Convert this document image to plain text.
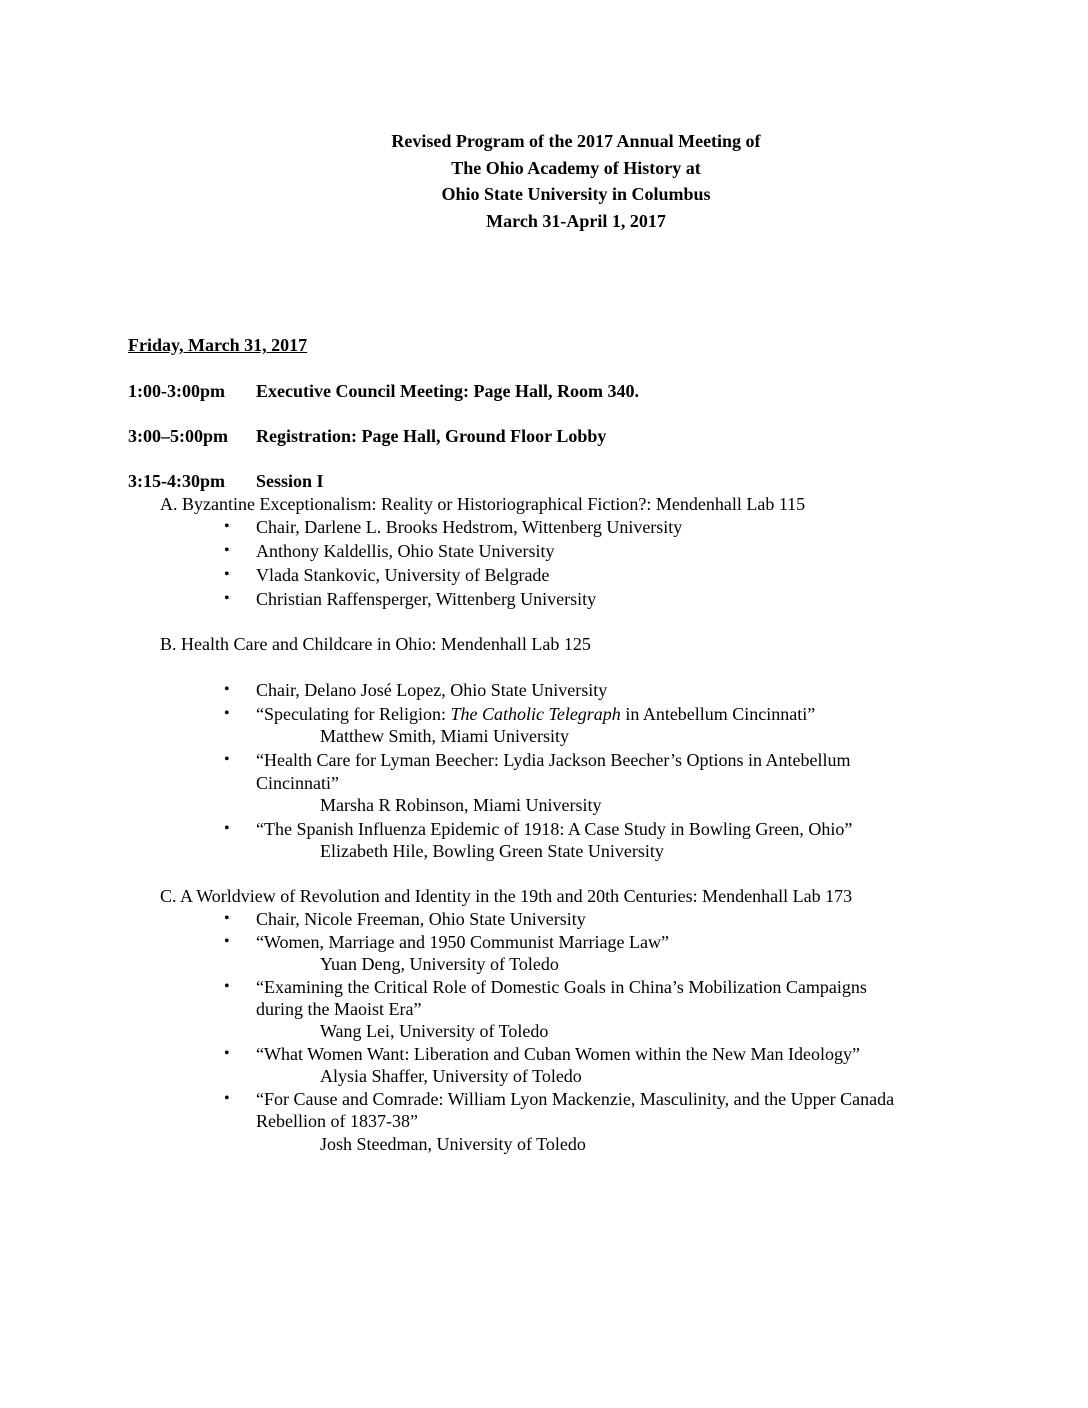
Revised Program of the 2017 Annual Meeting of
The Ohio Academy of History at
Ohio State University in Columbus
March 31-April 1, 2017
Friday, March 31, 2017
1:00-3:00pm Executive Council Meeting: Page Hall, Room 340.
3:00–5:00pm Registration: Page Hall, Ground Floor Lobby
3:15-4:30pm Session I
A. Byzantine Exceptionalism: Reality or Historiographical Fiction?: Mendenhall Lab 115
• Chair, Darlene L. Brooks Hedstrom, Wittenberg University
• Anthony Kaldellis, Ohio State University
• Vlada Stankovic, University of Belgrade
• Christian Raffensperger, Wittenberg University
B. Health Care and Childcare in Ohio: Mendenhall Lab 125
• Chair, Delano José Lopez, Ohio State University
• “Speculating for Religion: The Catholic Telegraph in Antebellum Cincinnati”
Matthew Smith, Miami University
• “Health Care for Lyman Beecher: Lydia Jackson Beecher’s Options in Antebellum
Cincinnati”
Marsha R Robinson, Miami University
• “The Spanish Influenza Epidemic of 1918: A Case Study in Bowling Green, Ohio”
Elizabeth Hile, Bowling Green State University
C. A Worldview of Revolution and Identity in the 19th and 20th Centuries: Mendenhall Lab 173
• Chair, Nicole Freeman, Ohio State University
• “Women, Marriage and 1950 Communist Marriage Law”
Yuan Deng, University of Toledo
• “Examining the Critical Role of Domestic Goals in China’s Mobilization Campaigns
during the Maoist Era”
Wang Lei, University of Toledo
• “What Women Want: Liberation and Cuban Women within the New Man Ideology”
Alysia Shaffer, University of Toledo
• “For Cause and Comrade: William Lyon Mackenzie, Masculinity, and the Upper Canada
Rebellion of 1837-38”
Josh Steedman, University of Toledo
